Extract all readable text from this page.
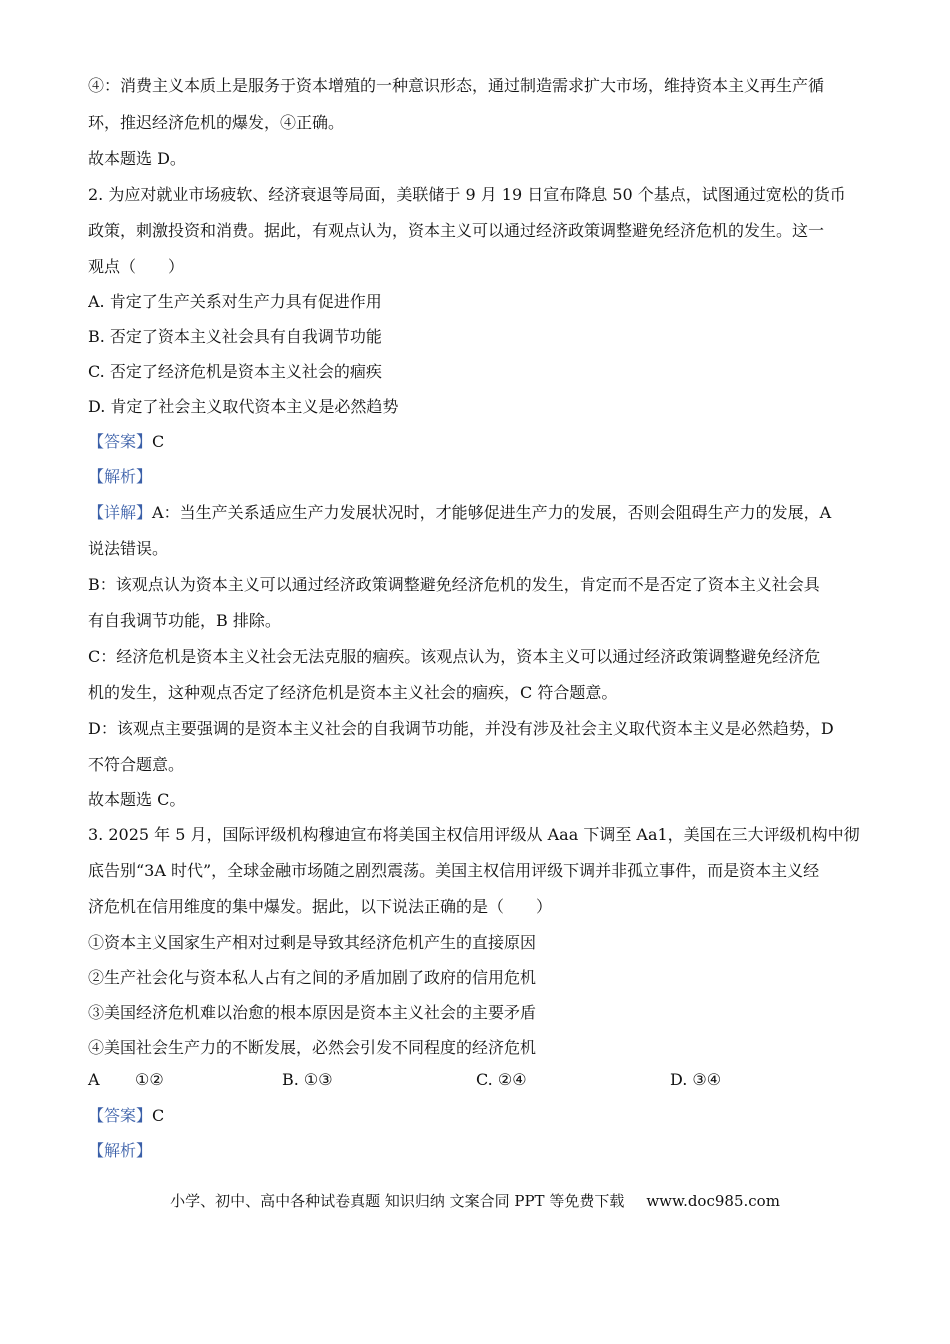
④：消费主义本质上是服务于资本增殖的一种意识形态，通过制造需求扩大市场，维持资本主义再生产循
环，推迟经济危机的爆发，④正确。
故本题选 D。
2. 为应对就业市场疲软、经济衰退等局面，美联储于 9 月 19 日宣布降息 50 个基点，试图通过宽松的货币
政策，刺激投资和消费。据此，有观点认为，资本主义可以通过经济政策调整避免经济危机的发生。这一
观点（　　）
A. 肯定了生产关系对生产力具有促进作用
B. 否定了资本主义社会具有自我调节功能
C. 否定了经济危机是资本主义社会的痼疾
D. 肯定了社会主义取代资本主义是必然趋势
【答案】C
【解析】
【详解】A：当生产关系适应生产力发展状况时，才能够促进生产力的发展，否则会阻碍生产力的发展，A
说法错误。
B：该观点认为资本主义可以通过经济政策调整避免经济危机的发生，肯定而不是否定了资本主义社会具
有自我调节功能，B 排除。
C：经济危机是资本主义社会无法克服的痼疾。该观点认为，资本主义可以通过经济政策调整避免经济危
机的发生，这种观点否定了经济危机是资本主义社会的痼疾，C 符合题意。
D：该观点主要强调的是资本主义社会的自我调节功能，并没有涉及社会主义取代资本主义是必然趋势，D
不符合题意。
故本题选 C。
3. 2025 年 5 月，国际评级机构穆迪宣布将美国主权信用评级从 Aaa 下调至 Aa1，美国在三大评级机构中彻
底告别“3A 时代”，全球金融市场随之剧烈震荡。美国主权信用评级下调并非孤立事件，而是资本主义经
济危机在信用维度的集中爆发。据此，以下说法正确的是（　　）
①资本主义国家生产相对过剩是导致其经济危机产生的直接原因
②生产社会化与资本私人占有之间的矛盾加剧了政府的信用危机
③美国经济危机难以治愈的根本原因是资本主义社会的主要矛盾
④美国社会生产力的不断发展，必然会引发不同程度的经济危机
A ①②	B. ①③	C. ②④	D. ③④
【答案】C
【解析】
小学、初中、高中各种试卷真题 知识归纳 文案合同 PPT 等免费下载 www.doc985.com
